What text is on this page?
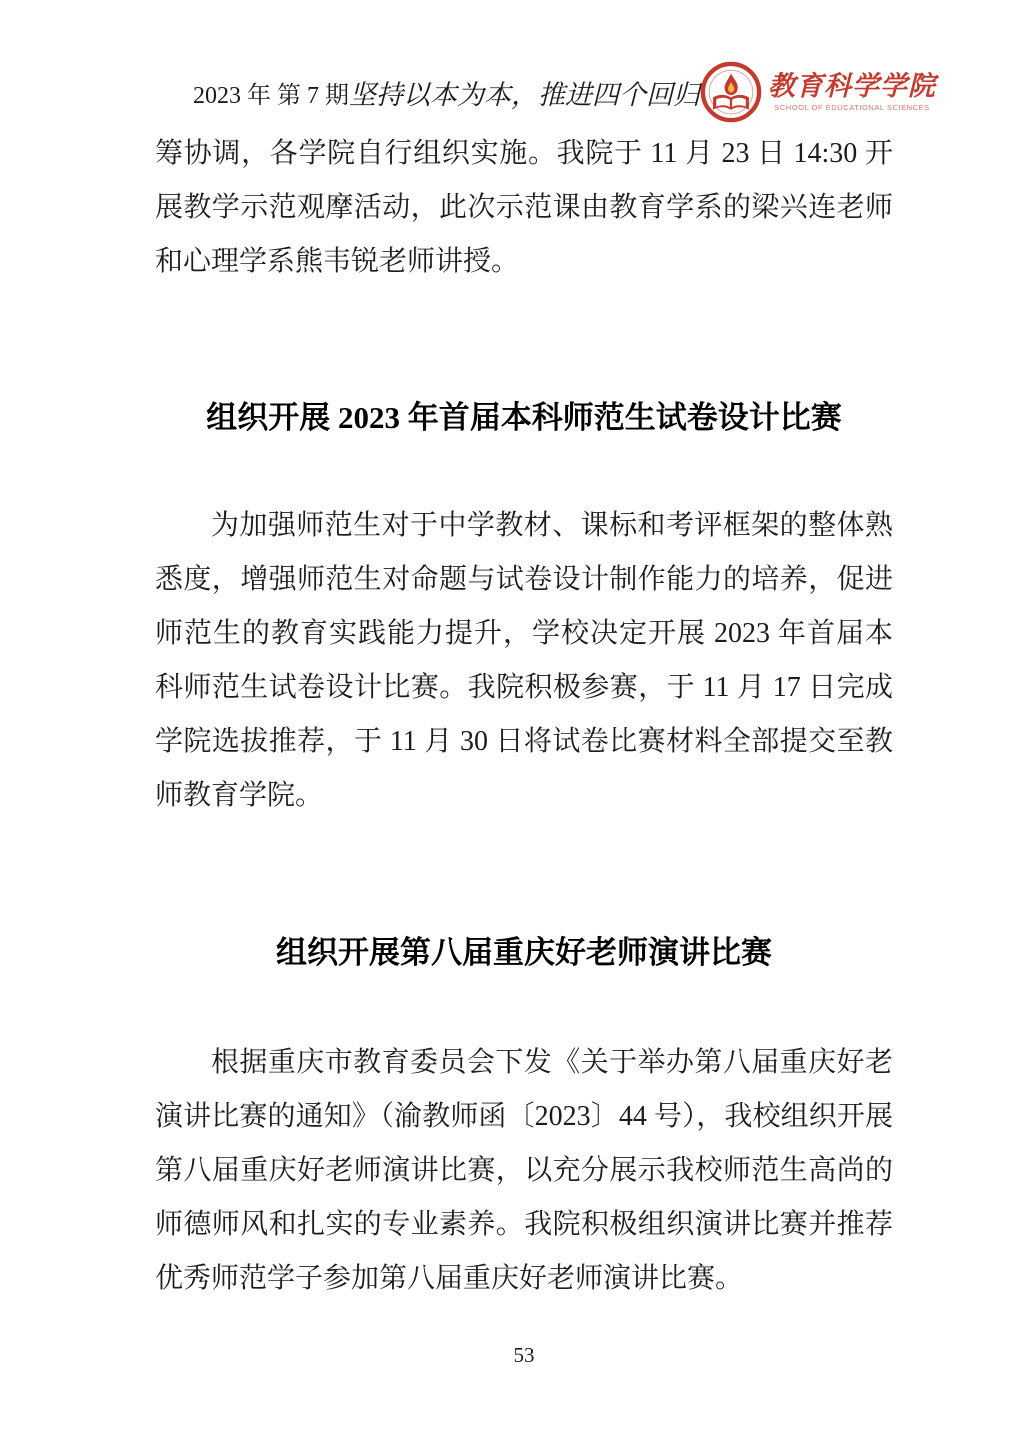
2023 年 第 7 期 坚持以本为本，推进四个回归	教育科学学院
SCHOOL OF EDUCATIONAL SCIENCES

筹协调，各学院自行组织实施。我院于 11 月 23 日 14:30 开展教学示范观摩活动，此次示范课由教育学系的梁兴连老师和心理学系熊韦锐老师讲授。

组织开展 2023 年首届本科师范生试卷设计比赛

为加强师范生对于中学教材、课标和考评框架的整体熟悉度，增强师范生对命题与试卷设计制作能力的培养，促进师范生的教育实践能力提升，学校决定开展 2023 年首届本科师范生试卷设计比赛。我院积极参赛，于 11 月 17 日完成学院选拔推荐，于 11 月 30 日将试卷比赛材料全部提交至教师教育学院。

组织开展第八届重庆好老师演讲比赛

根据重庆市教育委员会下发《关于举办第八届重庆好老演讲比赛的通知》（渝教师函〔2023〕44 号），我校组织开展第八届重庆好老师演讲比赛，以充分展示我校师范生高尚的师德师风和扎实的专业素养。我院积极组织演讲比赛并推荐优秀师范学子参加第八届重庆好老师演讲比赛。

53
